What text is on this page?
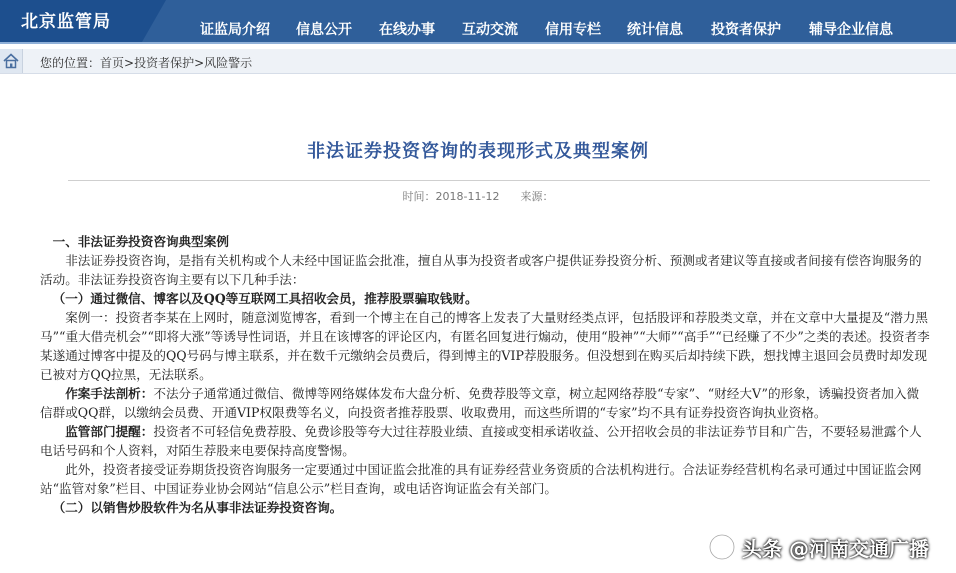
北京监管局	证监局介绍 信息公开 在线办事 互动交流 信用专栏 统计信息 投资者保护 辅导企业信息
您的位置：首页>投资者保护>风险警示
非法证券投资咨询的表现形式及典型案例
时间：2018-11-12      来源：

一、非法证券投资咨询典型案例

非法证券投资咨询，是指有关机构或个人未经中国证监会批准，擅自从事为投资者或客户提供证券投资分析、预测或者建议等直接或者间接有偿咨询服务的活动。非法证券投资咨询主要有以下几种手法：

（一）通过微信、博客以及QQ等互联网工具招收会员，推荐股票骗取钱财。

案例一：投资者李某在上网时，随意浏览博客，看到一个博主在自己的博客上发表了大量财经类点评，包括股评和荐股类文章，并在文章中大量提及“潜力黑马”“重大借壳机会”“即将大涨”等诱导性词语，并且在该博客的评论区内，有匿名回复进行煽动，使用“股神”“大师”“高手”“已经赚了不少”之类的表述。投资者李某遂通过博客中提及的QQ号码与博主联系，并在数千元缴纳会员费后，得到博主的VIP荐股服务。但没想到在购买后却持续下跌，想找博主退回会员费时却发现已被对方QQ拉黑，无法联系。

作案手法剖析：不法分子通常通过微信、微博等网络媒体发布大盘分析、免费荐股等文章，树立起网络荐股“专家”、“财经大V”的形象，诱骗投资者加入微信群或QQ群，以缴纳会员费、开通VIP权限费等名义，向投资者推荐股票、收取费用，而这些所谓的“专家”均不具有证券投资咨询执业资格。

监管部门提醒：投资者不可轻信免费荐股、免费诊股等夸大过往荐股业绩、直接或变相承诺收益、公开招收会员的非法证券节目和广告，不要轻易泄露个人电话号码和个人资料，对陌生荐股来电要保持高度警惕。

此外，投资者接受证券期货投资咨询服务一定要通过中国证监会批准的具有证券经营业务资质的合法机构进行。合法证券经营机构名录可通过中国证监会网站“监管对象”栏目、中国证券业协会网站“信息公示”栏目查询，或电话咨询证监会有关部门。

（二）以销售炒股软件为名从事非法证券投资咨询。

头条 @河南交通广播
